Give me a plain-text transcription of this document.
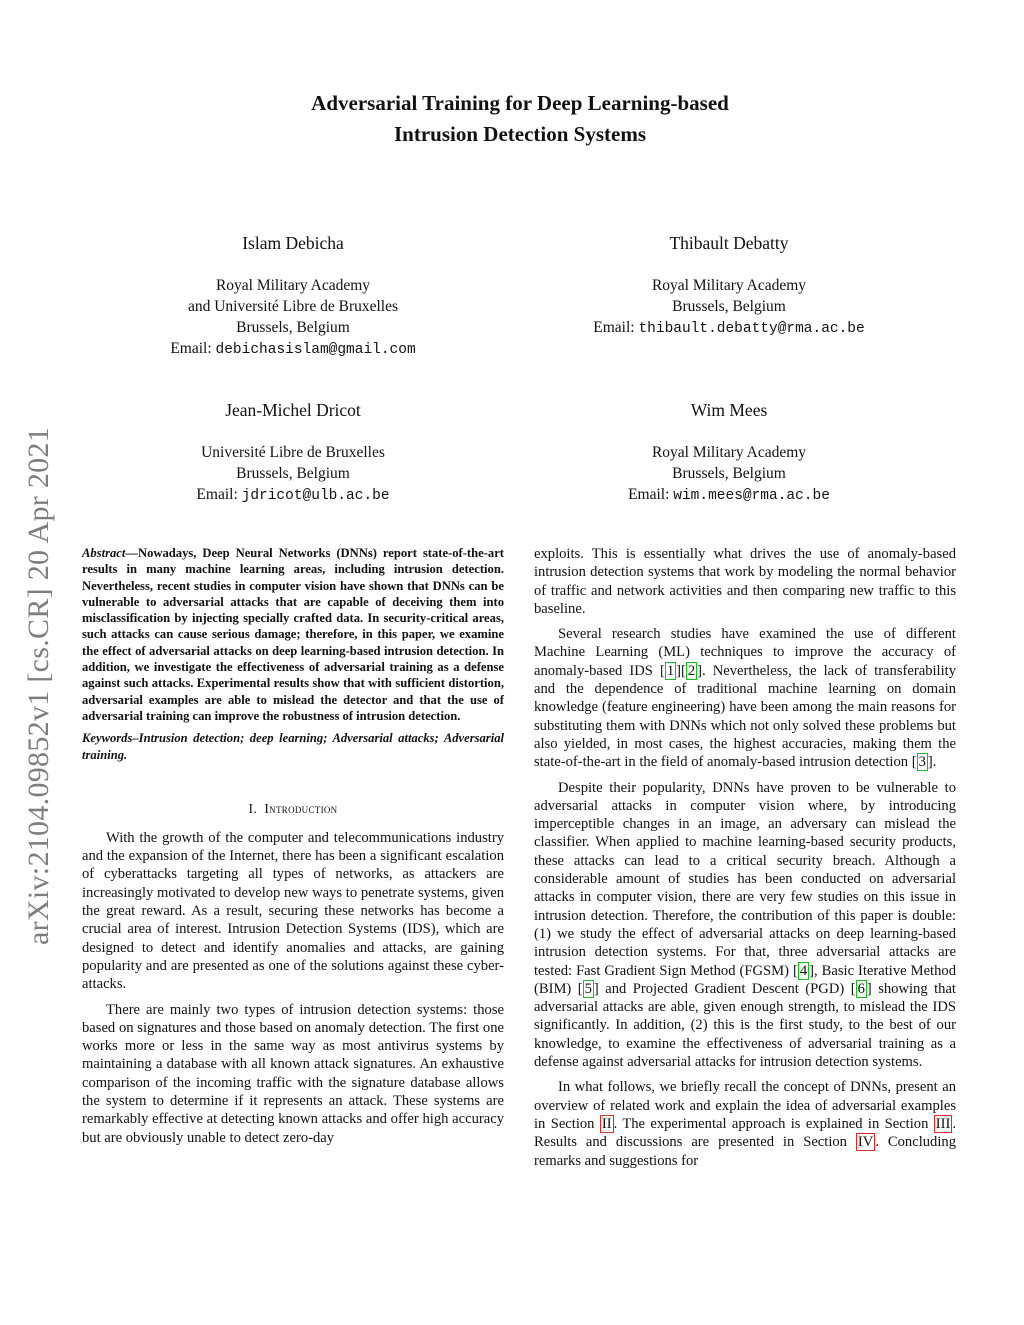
arXiv:2104.09852v1 [cs.CR] 20 Apr 2021
Adversarial Training for Deep Learning-based
Intrusion Detection Systems
Islam Debicha
Royal Military Academy
and Université Libre de Bruxelles
Brussels, Belgium
Email: debichasislam@gmail.com
Thibault Debatty
Royal Military Academy
Brussels, Belgium
Email: thibault.debatty@rma.ac.be
Jean-Michel Dricot
Université Libre de Bruxelles
Brussels, Belgium
Email: jdricot@ulb.ac.be
Wim Mees
Royal Military Academy
Brussels, Belgium
Email: wim.mees@rma.ac.be

Abstract—Nowadays, Deep Neural Networks (DNNs) report state-of-the-art results in many machine learning areas, including intrusion detection. Nevertheless, recent studies in computer vision have shown that DNNs can be vulnerable to adversarial attacks that are capable of deceiving them into misclassification by injecting specially crafted data. In security-critical areas, such attacks can cause serious damage; therefore, in this paper, we examine the effect of adversarial attacks on deep learning-based intrusion detection. In addition, we investigate the effectiveness of adversarial training as a defense against such attacks. Experimental results show that with sufficient distortion, adversarial examples are able to mislead the detector and that the use of adversarial training can improve the robustness of intrusion detection.

Keywords–Intrusion detection; deep learning; Adversarial attacks; Adversarial training.

I. Introduction

With the growth of the computer and telecommunications industry and the expansion of the Internet, there has been a significant escalation of cyberattacks targeting all types of networks, as attackers are increasingly motivated to develop new ways to penetrate systems, given the great reward. As a result, securing these networks has become a crucial area of interest. Intrusion Detection Systems (IDS), which are designed to detect and identify anomalies and attacks, are gaining popularity and are presented as one of the solutions against these cyber-attacks.

There are mainly two types of intrusion detection systems: those based on signatures and those based on anomaly detection. The first one works more or less in the same way as most antivirus systems by maintaining a database with all known attack signatures. An exhaustive comparison of the incoming traffic with the signature database allows the system to determine if it represents an attack. These systems are remarkably effective at detecting known attacks and offer high accuracy but are obviously unable to detect zero-day

exploits. This is essentially what drives the use of anomaly-based intrusion detection systems that work by modeling the normal behavior of traffic and network activities and then comparing new traffic to this baseline.

Several research studies have examined the use of different Machine Learning (ML) techniques to improve the accuracy of anomaly-based IDS [ 1 ][ 2 ]. Nevertheless, the lack of transferability and the dependence of traditional machine learning on domain knowledge (feature engineering) have been among the main reasons for substituting them with DNNs which not only solved these problems but also yielded, in most cases, the highest accuracies, making them the state-of-the-art in the field of anomaly-based intrusion detection [ 3 ].

Despite their popularity, DNNs have proven to be vulnerable to adversarial attacks in computer vision where, by introducing imperceptible changes in an image, an adversary can mislead the classifier. When applied to machine learning-based security products, these attacks can lead to a critical security breach. Although a considerable amount of studies has been conducted on adversarial attacks in computer vision, there are very few studies on this issue in intrusion detection. Therefore, the contribution of this paper is double: (1) we study the effect of adversarial attacks on deep learning-based intrusion detection systems. For that, three adversarial attacks are tested: Fast Gradient Sign Method (FGSM) [ 4 ], Basic Iterative Method (BIM) [ 5 ] and Projected Gradient Descent (PGD) [ 6 ] showing that adversarial attacks are able, given enough strength, to mislead the IDS significantly. In addition, (2) this is the first study, to the best of our knowledge, to examine the effectiveness of adversarial training as a defense against adversarial attacks for intrusion detection systems.

In what follows, we briefly recall the concept of DNNs, present an overview of related work and explain the idea of adversarial examples in Section II . The experimental approach is explained in Section III . Results and discussions are presented in Section IV . Concluding remarks and suggestions for
